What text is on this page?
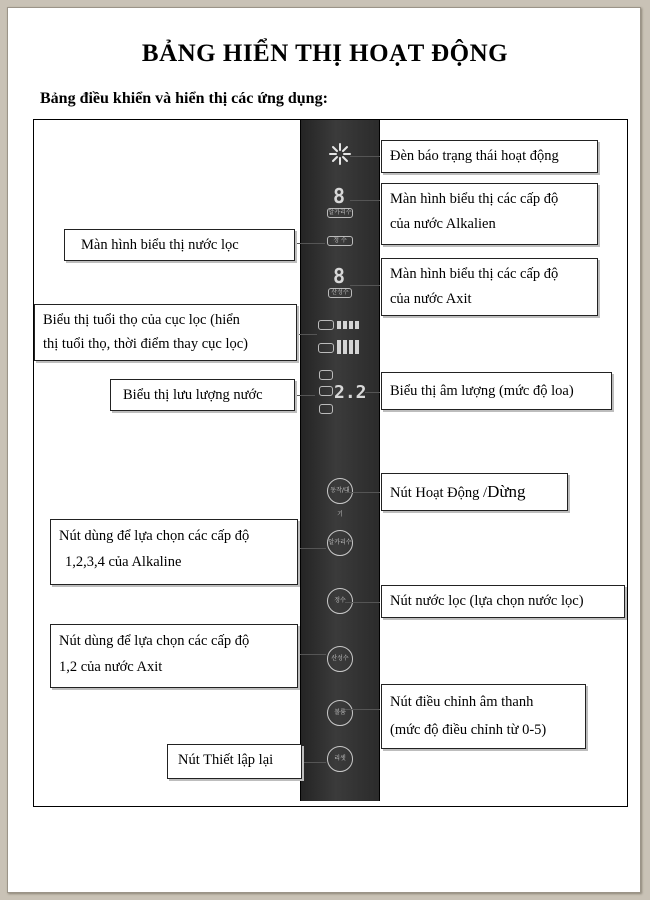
BẢNG HIỂN THỊ HOẠT ĐỘNG
Bảng điều khiển và hiển thị các ứng dụng:
8
알카리수
정 수
8
산성수
2.2
동작/대기
알카리수
정수
산성수
볼륨
리셋
Đèn báo trạng thái hoạt động
Màn hình biểu thị các cấp độ
của nước Alkalien
Màn hình biểu thị các cấp độ
của nước Axit
Biểu thị âm lượng (mức độ loa)
Nút Hoạt Động /Dừng
Nút nước lọc (lựa chọn nước lọc)
Nút điều chỉnh âm thanh
(mức độ điều chỉnh từ 0-5)
Màn hình biểu thị nước lọc
Biểu thị tuổi thọ của cục lọc (hiển
thị tuổi thọ, thời điểm thay cục lọc)
Biểu thị lưu lượng nước
Nút dùng để lựa chọn các cấp độ
1,2,3,4 của Alkaline
Nút dùng để lựa chọn các cấp độ
1,2 của nước Axit
Nút Thiết lập lại
